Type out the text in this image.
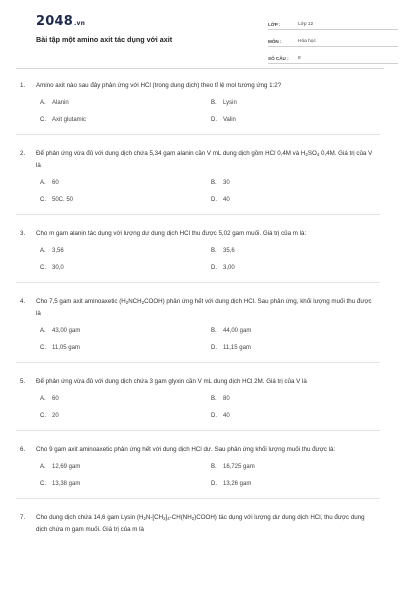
2048.vn
Bài tập một amino axit tác dụng với axit
LỚP :	Lớp 12
MÔN :	Hóa học
SỐ CÂU :	8
1.	Amino axit nào sau đây phản ứng với HCl (trong dung dịch) theo tỉ lệ mol tương ứng 1:2?
A. Alanin	B. Lysin
C. Axit glutamic	D. Valin
2.	Để phản ứng vừa đủ với dung dịch chứa 5,34 gam alanin cần V mL dung dịch gồm HCl 0,4M và $H_2SO_4$ 0,4M. Giá trị của V là
A. 60	B. 30
C. 50C. 50	D. 40
3.	Cho m gam alanin tác dụng với lượng dư dung dịch HCl thu được 5,02 gam muối. Giá trị của m là:
A. 3,56	B. 35,6
C. 30,0	D. 3,00
4.	Cho 7,5 gam axit aminoaxetic $(H_2NCH_2COOH)$ phản ứng hết với dung dịch HCl. Sau phản ứng, khối lượng muối thu được là
A. 43,00 gam	B. 44,00 gam
C. 11,05 gam	D. 11,15 gam
5.	Để phản ứng vừa đủ với dung dịch chứa 3 gam glyxin cần V mL dung dịch HCl 2M. Giá trị của V là
A. 60	B. 80
C. 20	D. 40
6.	Cho 9 gam axit aminoaxetic phản ứng hết với dung dịch HCl dư. Sau phản ứng khối lượng muối thu được là:
A. 12,69 gam	B. 16,725 gam
C. 13,38 gam	D. 13,26 gam
7.	Cho dung dịch chứa 14,6 gam Lysin $(H_2N-[CH_2]_4-CH(NH_2)COOH)$ tác dụng với lượng dư dung dịch HCl, thu được dung dịch chứa m gam muối. Giá trị của m là
